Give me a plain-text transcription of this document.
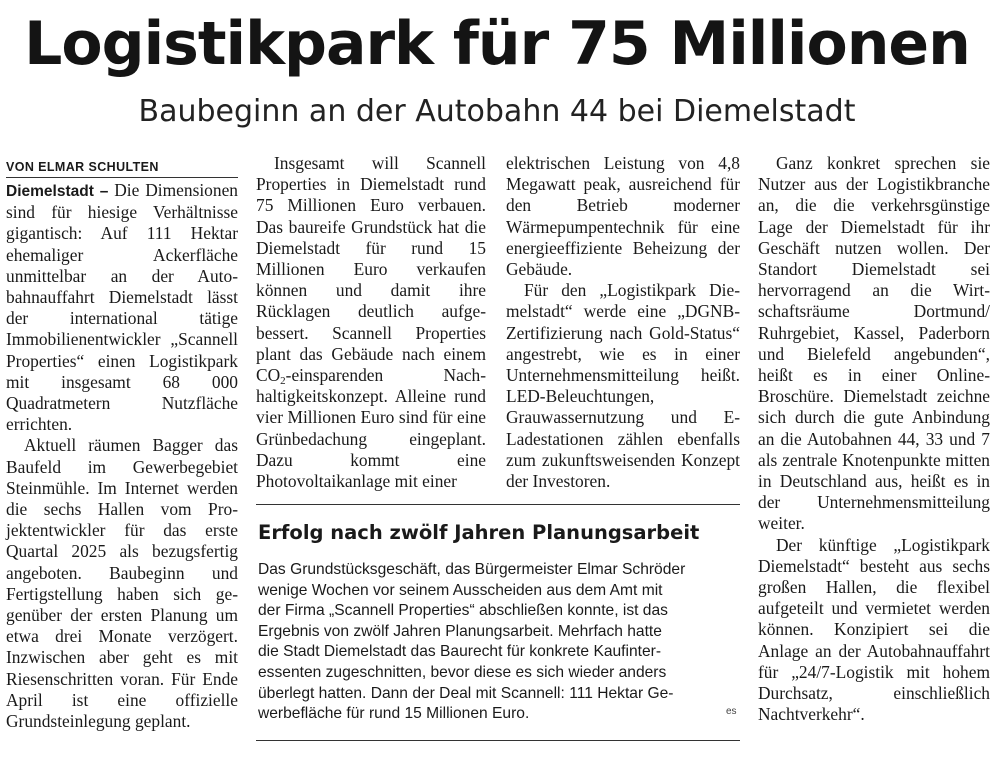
Logistikpark für 75 Millionen
Baubeginn an der Autobahn 44 bei Diemelstadt
VON ELMAR SCHULTEN

Diemelstadt – Die Dimensionen sind für hiesige Verhältnisse gigantisch: Auf 111 Hektar ehemaliger Ackerfläche unmittelbar an der Autobahnauffahrt Diemelstadt lässt der international tätige Immobilienentwickler „Scannell Properties“ einen Logistikpark mit insgesamt 68 000 Quadratmetern Nutzfläche errichten.

Aktuell räumen Bagger das Baufeld im Gewerbegebiet Steinmühle. Im Internet werden die sechs Hallen vom Projektentwickler für das erste Quartal 2025 als bezugsfertig angeboten. Baubeginn und Fertigstellung haben sich gegenüber der ersten Planung um etwa drei Monate verzögert. Inzwischen aber geht es mit Riesenschritten voran. Für Ende April ist eine offizielle Grundsteinlegung geplant.

Insgesamt will Scannell Properties in Diemelstadt rund 75 Millionen Euro verbauen. Das baureife Grundstück hat die Diemelstadt für rund 15 Millionen Euro verkaufen können und damit ihre Rücklagen deutlich aufgebessert. Scannell Properties plant das Gebäude nach einem $CO_2$-einsparenden Nachhaltigkeitskonzept. Alleine rund vier Millionen Euro sind für eine Grünbedachung eingeplant. Dazu kommt eine Photovoltaikanlage mit einer

elektrischen Leistung von 4,8 Megawatt peak, ausreichend für den Betrieb moderner Wärmepumpentechnik für eine energieeffiziente Beheizung der Gebäude.

Für den „Logistikpark Diemelstadt“ werde eine „DGNB-Zertifizierung nach Gold-Status“ angestrebt, wie es in einer Unternehmensmitteilung heißt. LED-Beleuchtungen, Grauwassernutzung und E-Ladestationen zählen ebenfalls zum zukunftsweisenden Konzept der Investoren.

Ganz konkret sprechen sie Nutzer aus der Logistikbranche an, die die verkehrsgünstige Lage der Diemelstadt für ihr Geschäft nutzen wollen. Der Standort Diemelstadt sei hervorragend an die Wirtschaftsräume Dortmund/ Ruhrgebiet, Kassel, Paderborn und Bielefeld angebunden“, heißt es in einer Online-Broschüre. Diemelstadt zeichne sich durch die gute Anbindung an die Autobahnen 44, 33 und 7 als zentrale Knotenpunkte mitten in Deutschland aus, heißt es in der Unternehmensmitteilung weiter.

Der künftige „Logistikpark Diemelstadt“ besteht aus sechs großen Hallen, die flexibel aufgeteilt und vermietet werden können. Konzipiert sei die Anlage an der Autobahnauffahrt für „24/7-Logistik mit hohem Durchsatz, einschließlich Nachtverkehr“.

Erfolg nach zwölf Jahren Planungsarbeit
Das Grundstücksgeschäft, das Bürgermeister Elmar Schröder
wenige Wochen vor seinem Ausscheiden aus dem Amt mit
der Firma „Scannell Properties“ abschließen konnte, ist das
Ergebnis von zwölf Jahren Planungsarbeit. Mehrfach hatte
die Stadt Diemelstadt das Baurecht für konkrete Kaufinter-
essenten zugeschnitten, bevor diese es sich wieder anders
überlegt hatten. Dann der Deal mit Scannell: 111 Hektar Ge-
werbefläche für rund 15 Millionen Euro.	es
